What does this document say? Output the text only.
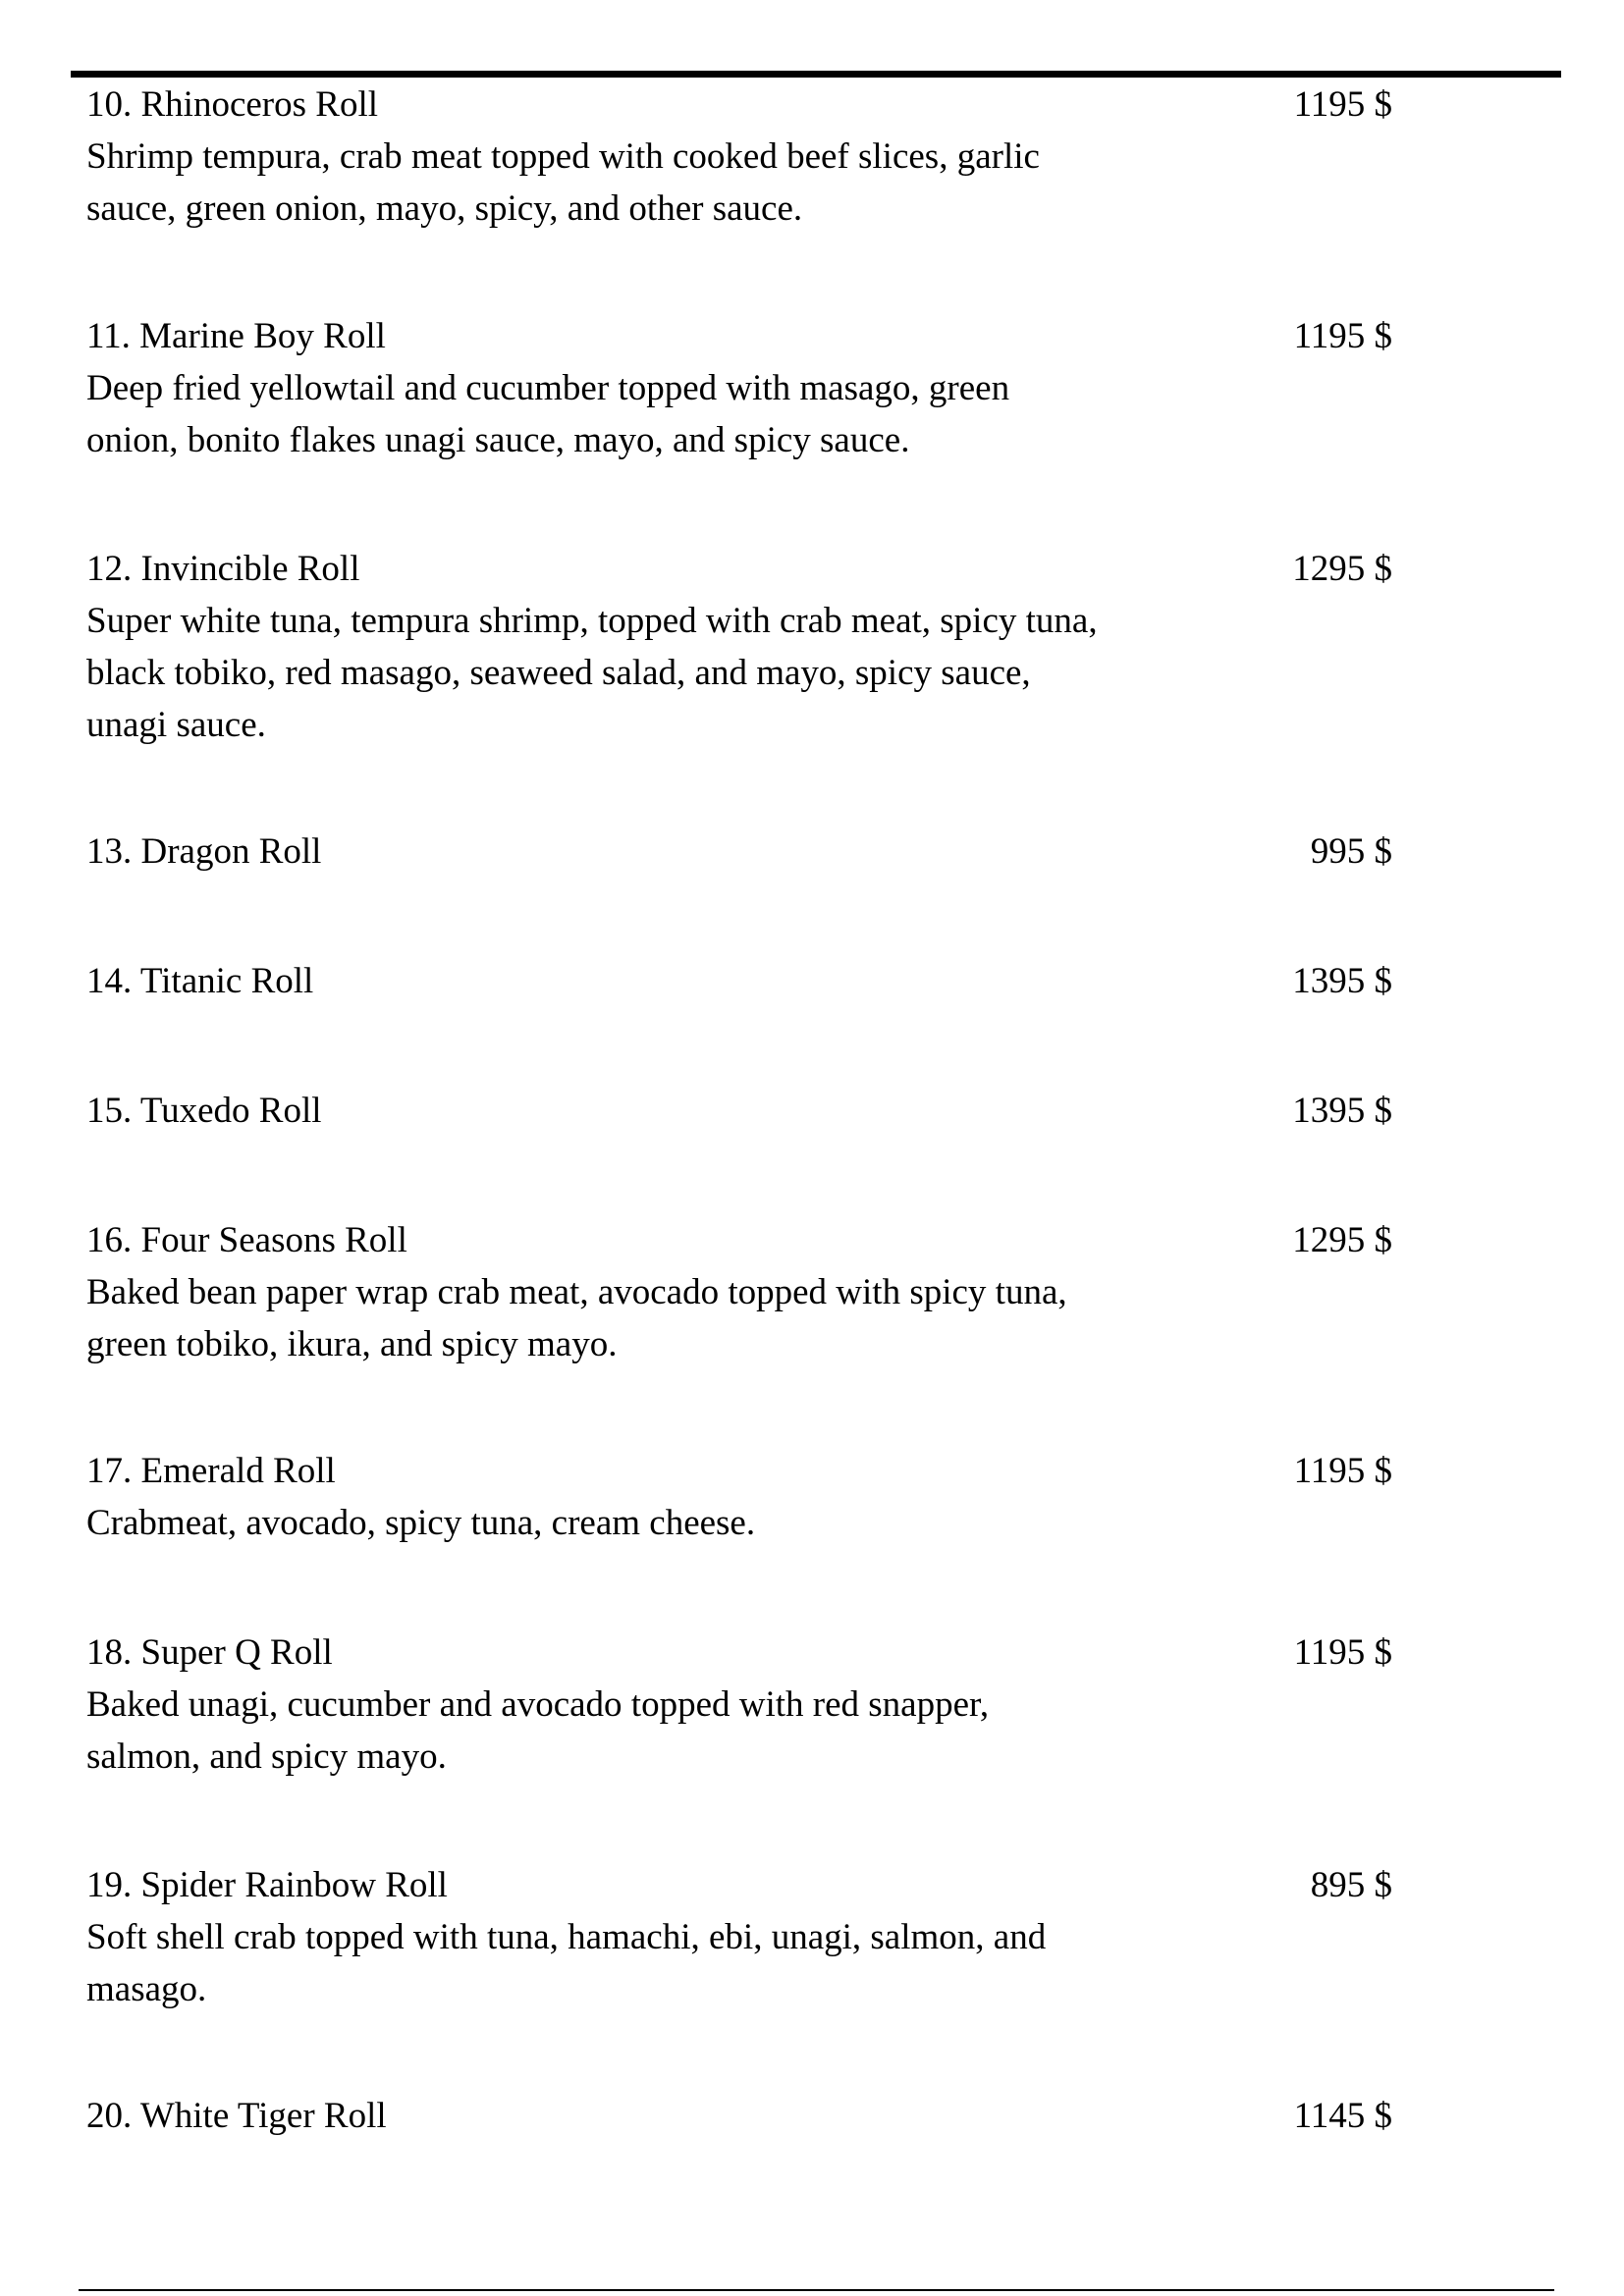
10. Rhinoceros Roll	1195 $
Shrimp tempura, crab meat topped with cooked beef slices, garlic
sauce, green onion, mayo, spicy, and other sauce.
11. Marine Boy Roll	1195 $
Deep fried yellowtail and cucumber topped with masago, green
onion, bonito flakes unagi sauce, mayo, and spicy sauce.
12. Invincible Roll	1295 $
Super white tuna, tempura shrimp, topped with crab meat, spicy tuna,
black tobiko, red masago, seaweed salad, and mayo, spicy sauce,
unagi sauce.
13. Dragon Roll	995 $
14. Titanic Roll	1395 $
15. Tuxedo Roll	1395 $
16. Four Seasons Roll	1295 $
Baked bean paper wrap crab meat, avocado topped with spicy tuna,
green tobiko, ikura, and spicy mayo.
17. Emerald Roll	1195 $
Crabmeat, avocado, spicy tuna, cream cheese.
18. Super Q Roll	1195 $
Baked unagi, cucumber and avocado topped with red snapper,
salmon, and spicy mayo.
19. Spider Rainbow Roll	895 $
Soft shell crab topped with tuna, hamachi, ebi, unagi, salmon, and
masago.
20. White Tiger Roll	1145 $
